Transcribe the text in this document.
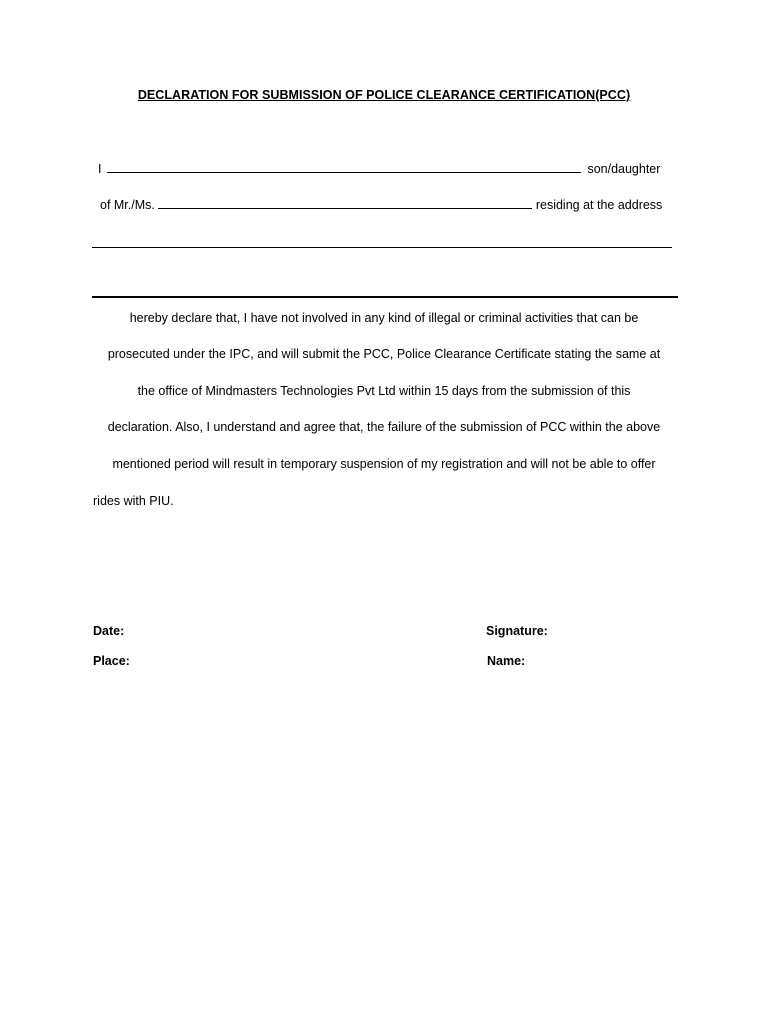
DECLARATION FOR SUBMISSION OF POLICE CLEARANCE CERTIFICATION(PCC)
I	son/daughter
of Mr./Ms.	residing at the address
hereby declare that, I have not involved in any kind of illegal or criminal activities that can be
prosecuted under the IPC, and will submit the PCC, Police Clearance Certificate stating the same at
the office of Mindmasters Technologies Pvt Ltd within 15 days from the submission of this
declaration. Also, I understand and agree that, the failure of the submission of PCC within the above
mentioned period will result in temporary suspension of my registration and will not be able to offer
rides with PIU.
Date:
Place:
Signature:
Name:
